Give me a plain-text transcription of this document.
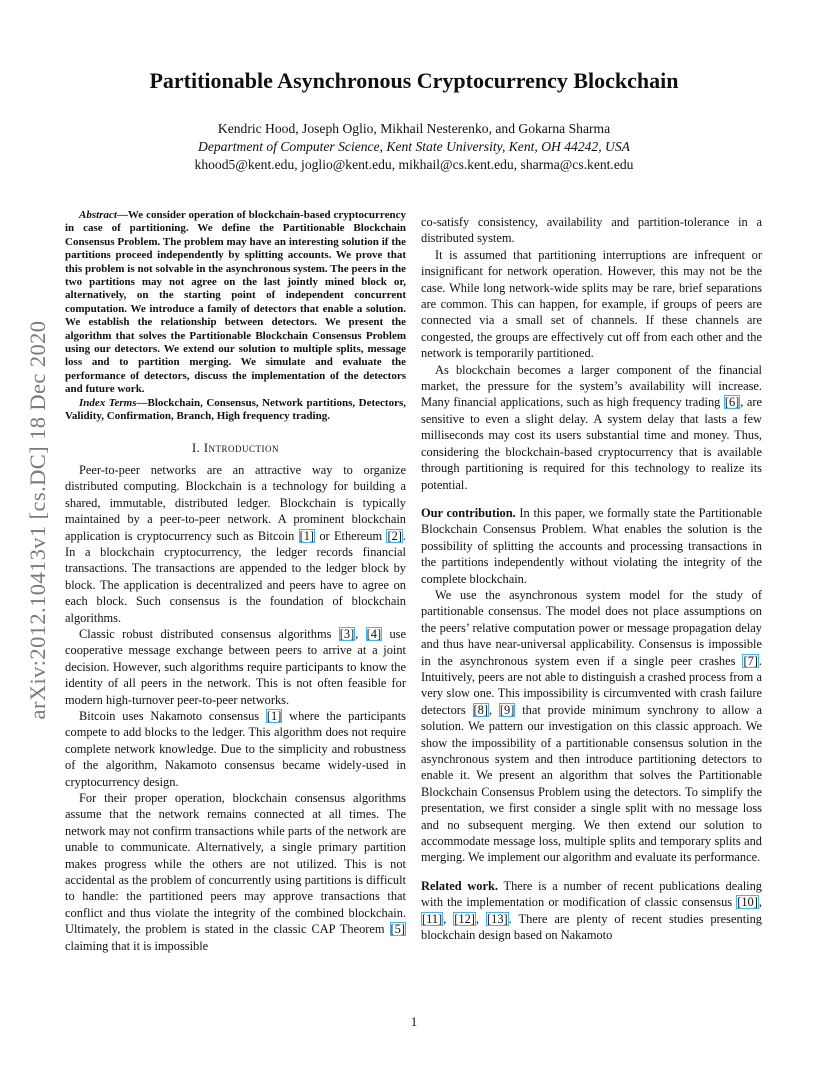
arXiv:2012.10413v1 [cs.DC] 18 Dec 2020
Partitionable Asynchronous Cryptocurrency Blockchain
Kendric Hood, Joseph Oglio, Mikhail Nesterenko, and Gokarna Sharma
Department of Computer Science, Kent State University, Kent, OH 44242, USA
khood5@kent.edu, joglio@kent.edu, mikhail@cs.kent.edu, sharma@cs.kent.edu

Abstract—We consider operation of blockchain-based cryptocurrency in case of partitioning. We define the Partitionable Blockchain Consensus Problem. The problem may have an interesting solution if the partitions proceed independently by splitting accounts. We prove that this problem is not solvable in the asynchronous system. The peers in the two partitions may not agree on the last jointly mined block or, alternatively, on the starting point of independent concurrent computation. We introduce a family of detectors that enable a solution. We establish the relationship between detectors. We present the algorithm that solves the Partitionable Blockchain Consensus Problem using our detectors. We extend our solution to multiple splits, message loss and to partition merging. We simulate and evaluate the performance of detectors, discuss the implementation of the detectors and future work.

Index Terms—Blockchain, Consensus, Network partitions, Detectors, Validity, Confirmation, Branch, High frequency trading.

I. Introduction

Peer-to-peer networks are an attractive way to organize distributed computing. Blockchain is a technology for building a shared, immutable, distributed ledger. Blockchain is typically maintained by a peer-to-peer network. A prominent blockchain application is cryptocurrency such as Bitcoin [1] or Ethereum [2]. In a blockchain cryptocurrency, the ledger records financial transactions. The transactions are appended to the ledger block by block. The application is decentralized and peers have to agree on each block. Such consensus is the foundation of blockchain algorithms.

Classic robust distributed consensus algorithms [3], [4] use cooperative message exchange between peers to arrive at a joint decision. However, such algorithms require participants to know the identity of all peers in the network. This is not often feasible for modern high-turnover peer-to-peer networks.

Bitcoin uses Nakamoto consensus [1] where the participants compete to add blocks to the ledger. This algorithm does not require complete network knowledge. Due to the simplicity and robustness of the algorithm, Nakamoto consensus became widely-used in cryptocurrency design.

For their proper operation, blockchain consensus algorithms assume that the network remains connected at all times. The network may not confirm transactions while parts of the network are unable to communicate. Alternatively, a single primary partition makes progress while the others are not utilized. This is not accidental as the problem of concurrently using partitions is difficult to handle: the partitioned peers may approve transactions that conflict and thus violate the integrity of the combined blockchain. Ultimately, the problem is stated in the classic CAP Theorem [5] claiming that it is impossible

co-satisfy consistency, availability and partition-tolerance in a distributed system.

It is assumed that partitioning interruptions are infrequent or insignificant for network operation. However, this may not be the case. While long network-wide splits may be rare, brief separations are common. This can happen, for example, if groups of peers are connected via a small set of channels. If these channels are congested, the groups are effectively cut off from each other and the network is temporarily partitioned.

As blockchain becomes a larger component of the financial market, the pressure for the system’s availability will increase. Many financial applications, such as high frequency trading [6], are sensitive to even a slight delay. A system delay that lasts a few milliseconds may cost its users substantial time and money. Thus, considering the blockchain-based cryptocurrency that is available through partitioning is required for this technology to realize its potential.

Our contribution. In this paper, we formally state the Partitionable Blockchain Consensus Problem. What enables the solution is the possibility of splitting the accounts and processing transactions in the partitions independently without violating the integrity of the complete blockchain.

We use the asynchronous system model for the study of partitionable consensus. The model does not place assumptions on the peers’ relative computation power or message propagation delay and thus have near-universal applicability. Consensus is impossible in the asynchronous system even if a single peer crashes [7]. Intuitively, peers are not able to distinguish a crashed process from a very slow one. This impossibility is circumvented with crash failure detectors [8], [9] that provide minimum synchrony to allow a solution. We pattern our investigation on this classic approach. We show the impossibility of a partitionable consensus solution in the asynchronous system and then introduce partitioning detectors to enable it. We present an algorithm that solves the Partitionable Blockchain Consensus Problem using the detectors. To simplify the presentation, we first consider a single split with no message loss and no subsequent merging. We then extend our solution to accommodate message loss, multiple splits and temporary splits and merging. We implement our algorithm and evaluate its performance.

Related work. There is a number of recent publications dealing with the implementation or modification of classic consensus [10], [11], [12], [13]. There are plenty of recent studies presenting blockchain design based on Nakamoto

1
